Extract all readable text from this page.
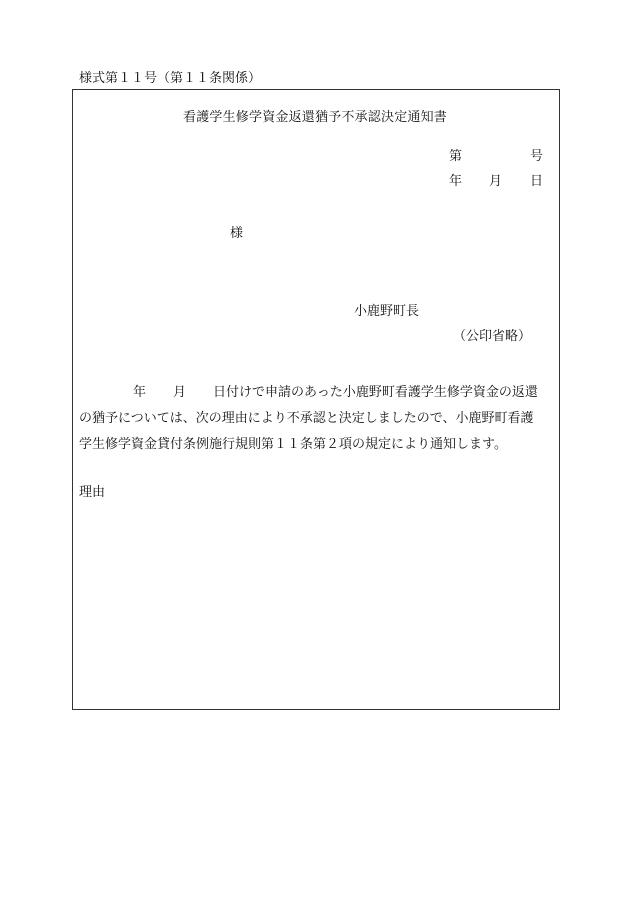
様式第１１号（第１１条関係）
看護学生修学資金返還猶予不承認決定通知書
第	号
年 月 日
様
小鹿野町長
（公印省略）
年 月 日付けで申請のあった小鹿野町看護学生修学資金の返還
の猶予については、次の理由により不承認と決定しましたので、小鹿野町看護
学生修学資金貸付条例施行規則第１１条第２項の規定により通知します。
理由
